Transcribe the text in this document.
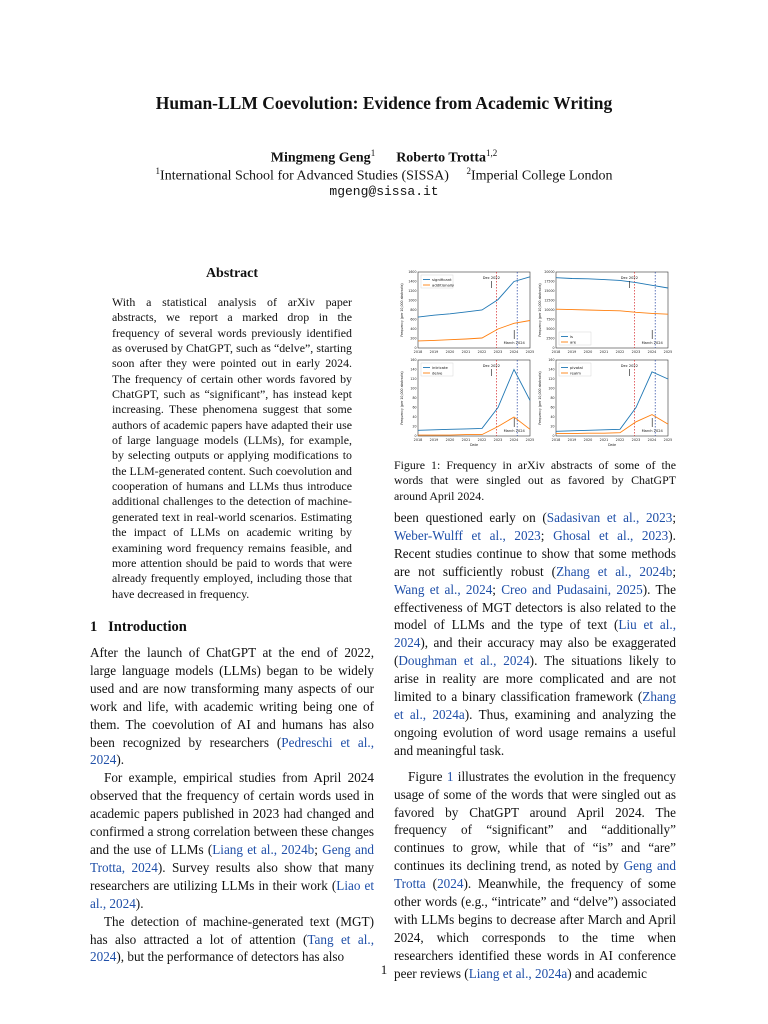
Human-LLM Coevolution: Evidence from Academic Writing
Mingmeng Geng$^1$ Roberto Trotta$^{1,2}$
$^1$International School for Advanced Studies (SISSA) $^2$Imperial College London
mgeng@sissa.it
Abstract
With a statistical analysis of arXiv paper abstracts, we report a marked drop in the frequency of several words previously identified as overused by ChatGPT, such as “delve”, starting soon after they were pointed out in early 2024. The frequency of certain other words favored by ChatGPT, such as “significant”, has instead kept increasing. These phenomena suggest that some authors of academic papers have adapted their use of large language models (LLMs), for example, by selecting outputs or applying modifications to the LLM-generated content. Such coevolution and cooperation of humans and LLMs thus introduce additional challenges to the detection of machine-generated text in real-world scenarios. Estimating the impact of LLMs on academic writing by examining word frequency remains feasible, and more attention should be paid to words that were already frequently employed, including those that have decreased in frequency.
1 Introduction

After the launch of ChatGPT at the end of 2022, large language models (LLMs) began to be widely used and are now transforming many aspects of our work and life, with academic writing being one of them. The coevolution of AI and humans has also been recognized by researchers (Pedreschi et al., 2024).

For example, empirical studies from April 2024 observed that the frequency of certain words used in academic papers published in 2023 had changed and confirmed a strong correlation between these changes and the use of LLMs (Liang et al., 2024b; Geng and Trotta, 2024). Survey results also show that many researchers are utilizing LLMs in their work (Liao et al., 2024).

The detection of machine-generated text (MGT) has also attracted a lot of attention (Tang et al., 2024), but the performance of detectors has also

2018 2019 2020 2021 2022 2023 2024 2025
0
200
400
600
800
1000
1200
1400
1600
Frequency (per 10,000 abstracts)
Dec 2022
March 2024
significant
additionally
2018 2019 2020 2021 2022 2023 2024 2025
0
2500
5000
7500
10000
12500
15000
17500
20000
Frequency (per 10,000 abstracts)
Dec 2022
March 2024
is
are
2018 2019 2020 2021 2022 2023 2024 2025
0
20
40
60
80
100
120
140
160
Frequency (per 10,000 abstracts)
Date
Dec 2022
March 2024
intricate
delve
2018 2019 2020 2021 2022 2023 2024 2025
0
20
40
60
80
100
120
140
160
Frequency (per 10,000 abstracts)
Date
Dec 2022
March 2024
pivotal
realm
Figure 1: Frequency in arXiv abstracts of some of the words that were singled out as favored by ChatGPT around April 2024.

been questioned early on (Sadasivan et al., 2023; Weber-Wulff et al., 2023; Ghosal et al., 2023). Recent studies continue to show that some methods are not sufficiently robust (Zhang et al., 2024b; Wang et al., 2024; Creo and Pudasaini, 2025). The effectiveness of MGT detectors is also related to the model of LLMs and the type of text (Liu et al., 2024), and their accuracy may also be exaggerated (Doughman et al., 2024). The situations likely to arise in reality are more complicated and are not limited to a binary classification framework (Zhang et al., 2024a). Thus, examining and analyzing the ongoing evolution of word usage remains a useful and meaningful task.

Figure 1 illustrates the evolution in the frequency usage of some of the words that were singled out as favored by ChatGPT around April 2024. The frequency of “significant” and “additionally” continues to grow, while that of “is” and “are” continues its declining trend, as noted by Geng and Trotta (2024). Meanwhile, the frequency of some other words (e.g., “intricate” and “delve”) associated with LLMs begins to decrease after March and April 2024, which corresponds to the time when researchers identified these words in AI conference peer reviews (Liang et al., 2024a) and academic

1
